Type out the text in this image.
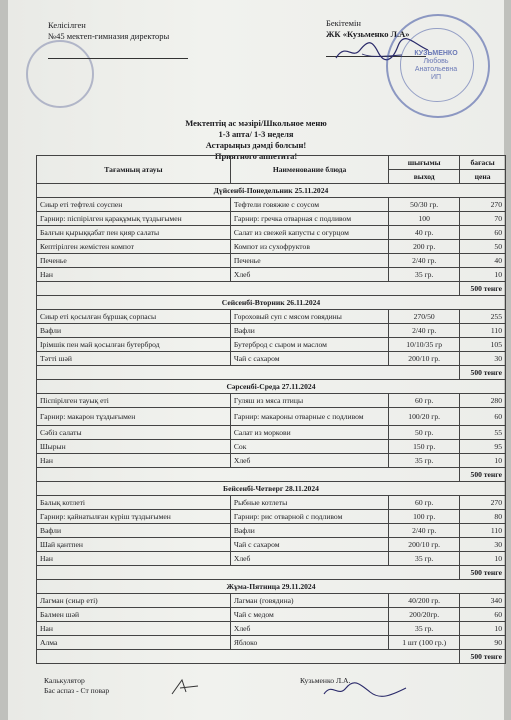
Келісілген
№45 мектеп-гимназия директоры
Бекітемін
ЖК «Кузьменко Л.А»
КУЗЬМЕНКО
Любовь
Анатольевна
ИП
Мектептің ас мәзірі/Школьное меню
1-3 апта/ 1-3 неделя
Астарыңыз дәмді болсын!
Приятного аппетита!
Тағамның атауы	Наименование блюда	шығымы	бағасы
		выход	цена
Дүйсенбі-Понедельник 25.11.2024			
Сиыр еті тефтелі соуспен	Тефтели говяжие с соусом	50/30 гр.	270
Гарнир: піспірілген қарақұмық тұздығымен	Гарнир: гречка отварная с подливом	100	70
Балғын қырыққабат пен қияр салаты	Салат из свежей капусты с огурцом	40 гр.	60
Кептірілген жемістен компот	Компот из сухофруктов	200 гр.	50
Печенье	Печенье	2/40 гр.	40
Нан	Хлеб	35 гр.	10
			500 тенге
Сейсенбі-Вторник 26.11.2024			
Сиыр еті қосылған бұршақ сорпасы	Гороховый суп с мясом говядины	270/50	255
Вафли	Вафли	2/40 гр.	110
Ірімшік пен май қосылған бутерброд	Бутерброд с сыром и маслом	10/10/35 гр	105
Тәтті шәй	Чай с сахаром	200/10 гр.	30
			500 тенге
Сәрсенбі-Среда 27.11.2024			
Піспірілген тауық еті	Гуляш из мяса птицы	60 гр.	280
Гарнир: макарон тұздығымен	Гарнир: макароны отварные с подливом	100/20 гр.	60
Сәбіз салаты	Салат из моркови	50 гр.	55
Шырын	Сок	150 гр.	95
Нан	Хлеб	35 гр.	10
			500 тенге
Бейсенбі-Четверг 28.11.2024			
Балық котлеті	Рыбные котлеты	60 гр.	270
Гарнир: қайнатылған күріш тұздығымен	Гарнир: рис отварной с подливом	100 гр.	80
Вафли	Вафли	2/40 гр.	110
Шай қантпен	Чай с сахаром	200/10 гр.	30
Нан	Хлеб	35 гр.	10
			500 тенге
Жұма-Пятница 29.11.2024			
Лагман (сиыр еті)	Лагман (говядина)	40/200 гр.	340
Балмен шәй	Чай с медом	200/20гр.	60
Нан	Хлеб	35 гр.	10
Алма	Яблоко	1 шт (100 гр.)	90
			500 тенге
Калькулятор
Бас аспаз - Ст повар
Кузьменко Л.А.
